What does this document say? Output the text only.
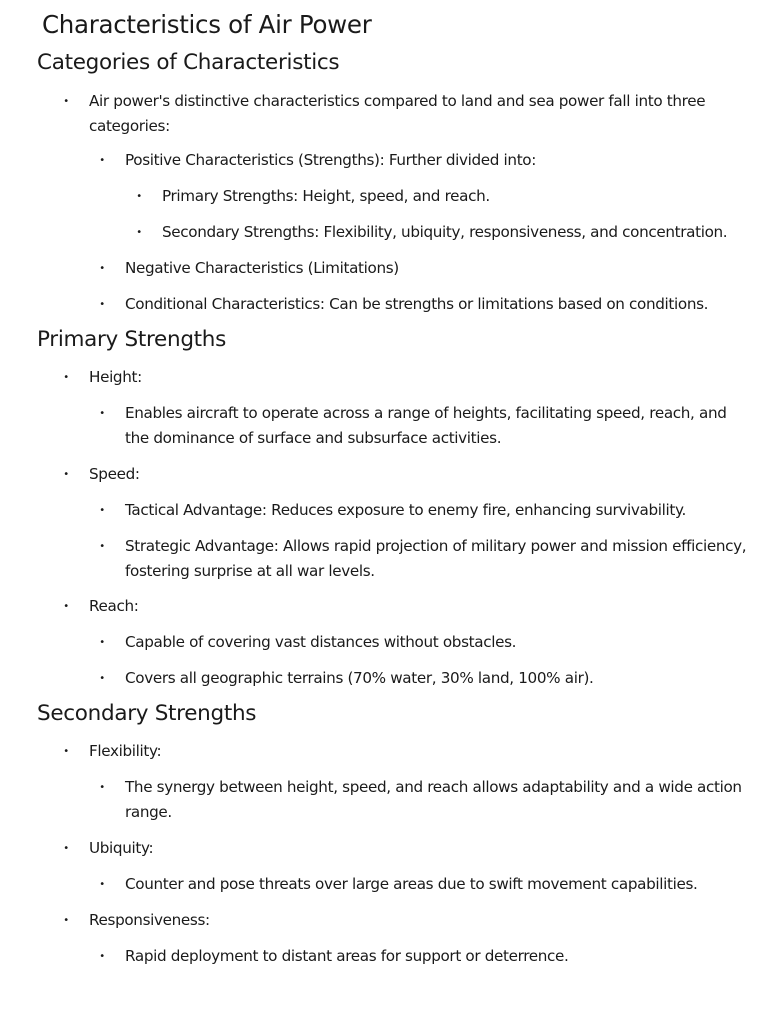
Characteristics of Air Power
Categories of Characteristics

• Air power's distinctive characteristics compared to land and sea power fall into three categories:

• Positive Characteristics (Strengths): Further divided into:

• Primary Strengths: Height, speed, and reach.

• Secondary Strengths: Flexibility, ubiquity, responsiveness, and concentration.

• Negative Characteristics (Limitations)

• Conditional Characteristics: Can be strengths or limitations based on conditions.

Primary Strengths

• Height:

• Enables aircraft to operate across a range of heights, facilitating speed, reach, and the dominance of surface and subsurface activities.

• Speed:

• Tactical Advantage: Reduces exposure to enemy fire, enhancing survivability.

• Strategic Advantage: Allows rapid projection of military power and mission efficiency, fostering surprise at all war levels.

• Reach:

• Capable of covering vast distances without obstacles.

• Covers all geographic terrains (70% water, 30% land, 100% air).

Secondary Strengths

• Flexibility:

• The synergy between height, speed, and reach allows adaptability and a wide action range.

• Ubiquity:

• Counter and pose threats over large areas due to swift movement capabilities.

• Responsiveness:

• Rapid deployment to distant areas for support or deterrence.
